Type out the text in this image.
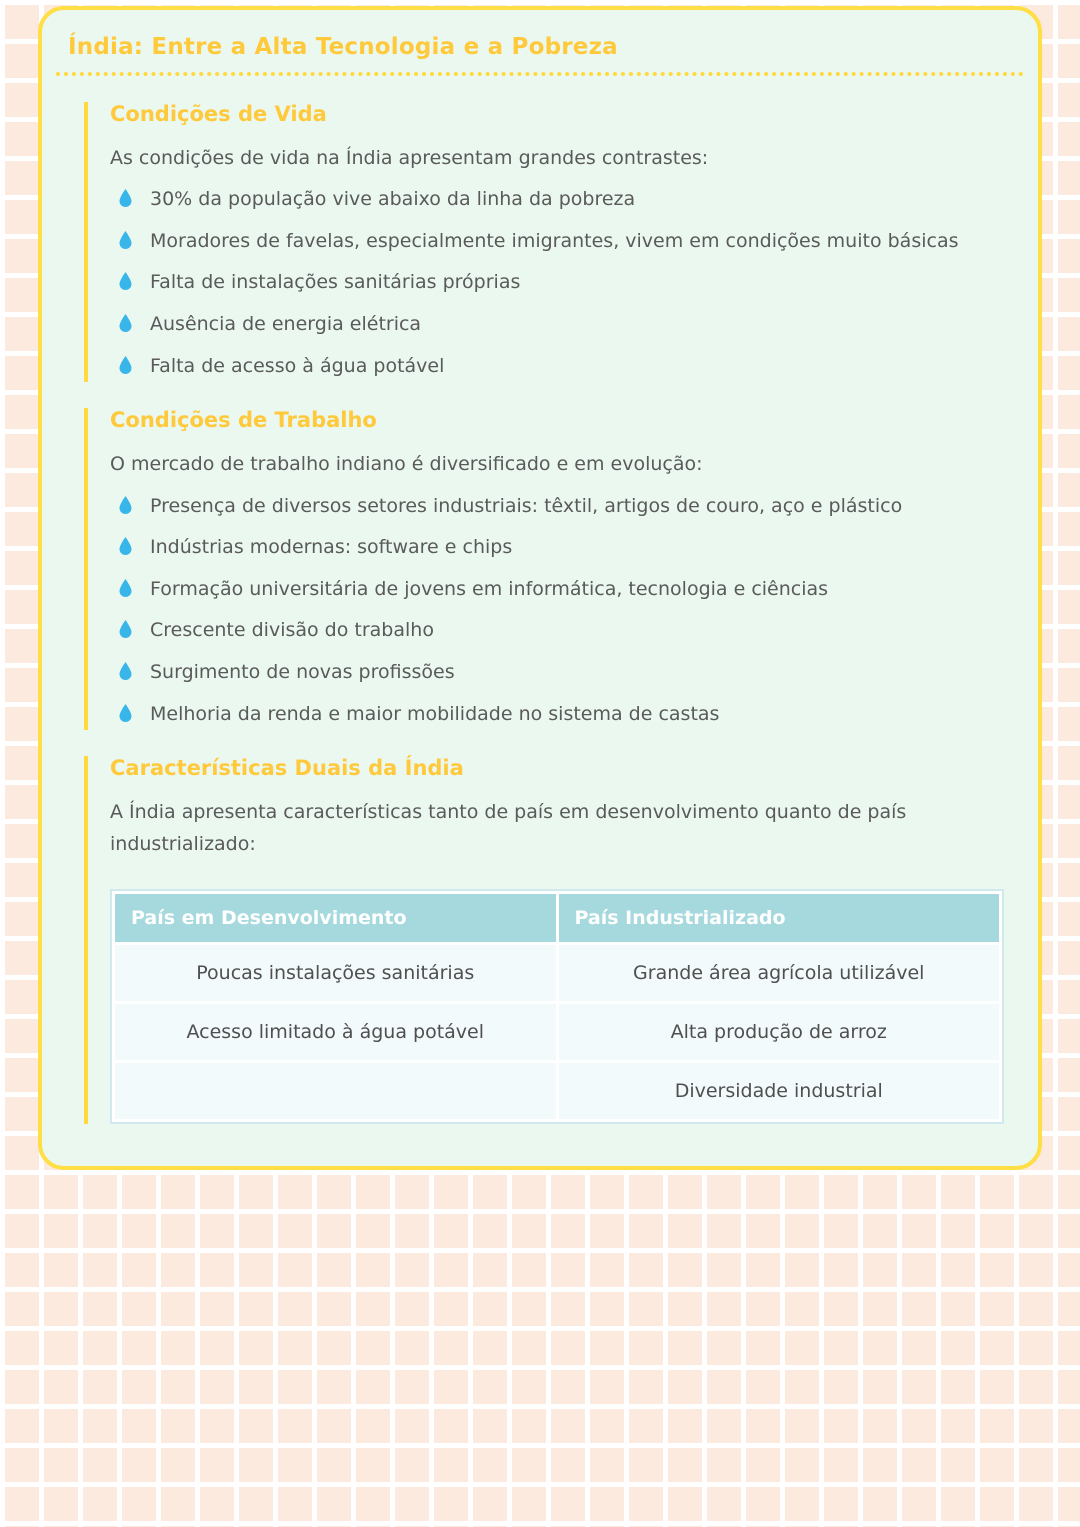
Índia: Entre a Alta Tecnologia e a Pobreza
Condições de Vida

As condições de vida na Índia apresentam grandes contrastes:

30% da população vive abaixo da linha da pobreza
Moradores de favelas, especialmente imigrantes, vivem em condições muito básicas
Falta de instalações sanitárias próprias
Ausência de energia elétrica
Falta de acesso à água potável
Condições de Trabalho

O mercado de trabalho indiano é diversificado e em evolução:

Presença de diversos setores industriais: têxtil, artigos de couro, aço e plástico
Indústrias modernas: software e chips
Formação universitária de jovens em informática, tecnologia e ciências
Crescente divisão do trabalho
Surgimento de novas profissões
Melhoria da renda e maior mobilidade no sistema de castas
Características Duais da Índia

A Índia apresenta características tanto de país em desenvolvimento quanto de país industrializado:

País em Desenvolvimento	País Industrializado
Poucas instalações sanitárias	Grande área agrícola utilizável
Acesso limitado à água potável	Alta produção de arroz
	Diversidade industrial
